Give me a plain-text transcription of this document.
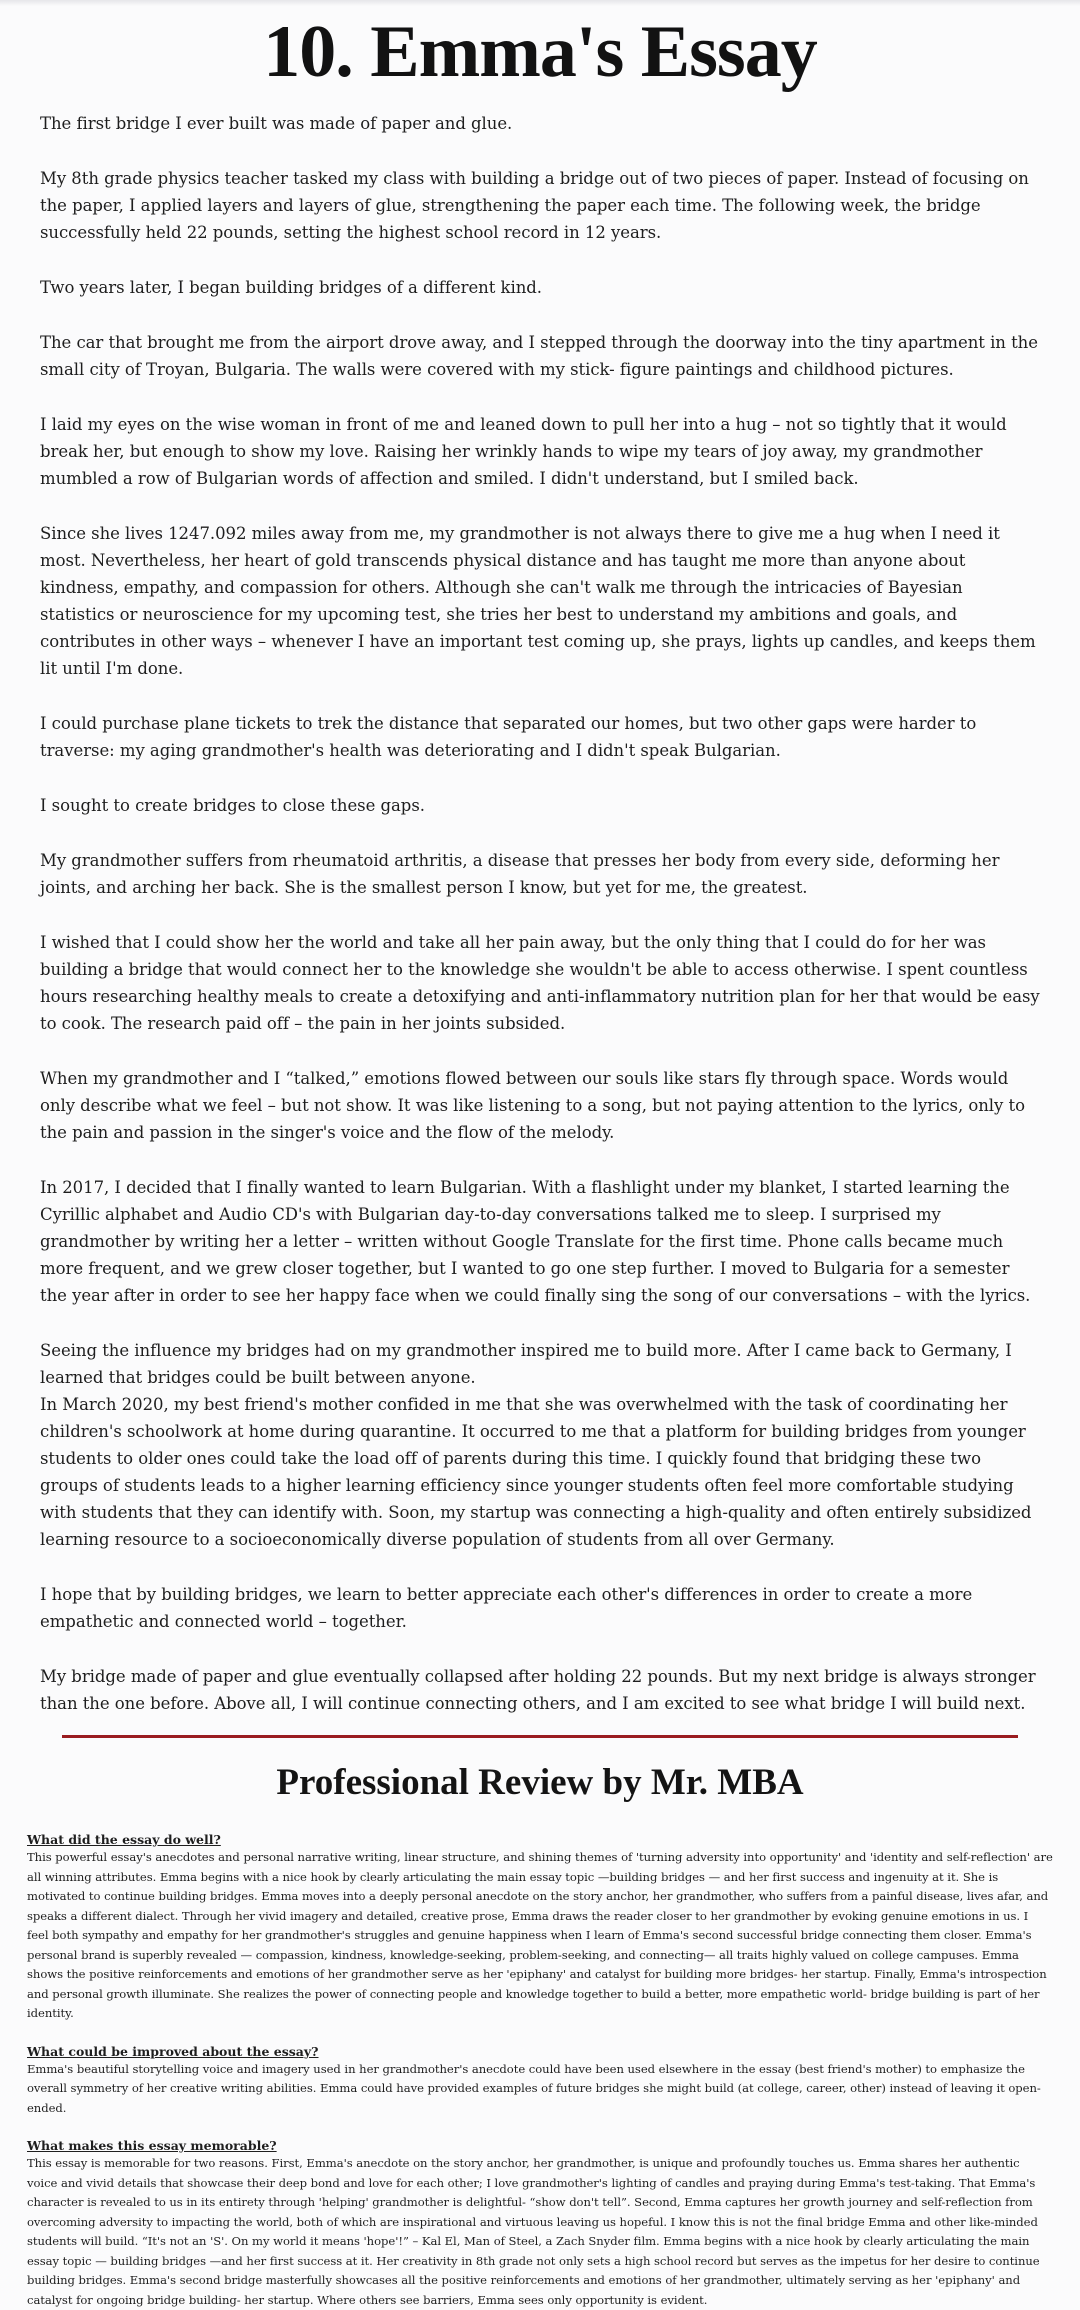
10. Emma's Essay

The first bridge I ever built was made of paper and glue.

My 8th grade physics teacher tasked my class with building a bridge out of two pieces of paper. Instead of focusing on the paper, I applied layers and layers of glue, strengthening the paper each time. The following week, the bridge successfully held 22 pounds, setting the highest school record in 12 years.

Two years later, I began building bridges of a different kind.

The car that brought me from the airport drove away, and I stepped through the doorway into the tiny apartment in the small city of Troyan, Bulgaria. The walls were covered with my stick- figure paintings and childhood pictures.

I laid my eyes on the wise woman in front of me and leaned down to pull her into a hug – not so tightly that it would break her, but enough to show my love. Raising her wrinkly hands to wipe my tears of joy away, my grandmother mumbled a row of Bulgarian words of affection and smiled. I didn't understand, but I smiled back.

Since she lives 1247.092 miles away from me, my grandmother is not always there to give me a hug when I need it most. Nevertheless, her heart of gold transcends physical distance and has taught me more than anyone about kindness, empathy, and compassion for others. Although she can't walk me through the intricacies of Bayesian statistics or neuroscience for my upcoming test, she tries her best to understand my ambitions and goals, and contributes in other ways – whenever I have an important test coming up, she prays, lights up candles, and keeps them lit until I'm done.

I could purchase plane tickets to trek the distance that separated our homes, but two other gaps were harder to traverse: my aging grandmother's health was deteriorating and I didn't speak Bulgarian.

I sought to create bridges to close these gaps.

My grandmother suffers from rheumatoid arthritis, a disease that presses her body from every side, deforming her joints, and arching her back. She is the smallest person I know, but yet for me, the greatest.

I wished that I could show her the world and take all her pain away, but the only thing that I could do for her was building a bridge that would connect her to the knowledge she wouldn't be able to access otherwise. I spent countless hours researching healthy meals to create a detoxifying and anti-inflammatory nutrition plan for her that would be easy to cook. The research paid off – the pain in her joints subsided.

When my grandmother and I “talked,” emotions flowed between our souls like stars fly through space. Words would only describe what we feel – but not show. It was like listening to a song, but not paying attention to the lyrics, only to the pain and passion in the singer's voice and the flow of the melody.

In 2017, I decided that I finally wanted to learn Bulgarian. With a flashlight under my blanket, I started learning the Cyrillic alphabet and Audio CD's with Bulgarian day-to-day conversations talked me to sleep. I surprised my grandmother by writing her a letter – written without Google Translate for the first time. Phone calls became much more frequent, and we grew closer together, but I wanted to go one step further. I moved to Bulgaria for a semester the year after in order to see her happy face when we could finally sing the song of our conversations – with the lyrics.

Seeing the influence my bridges had on my grandmother inspired me to build more. After I came back to Germany, I learned that bridges could be built between anyone.

In March 2020, my best friend's mother confided in me that she was overwhelmed with the task of coordinating her children's schoolwork at home during quarantine. It occurred to me that a platform for building bridges from younger students to older ones could take the load off of parents during this time. I quickly found that bridging these two groups of students leads to a higher learning efficiency since younger students often feel more comfortable studying with students that they can identify with. Soon, my startup was connecting a high-quality and often entirely subsidized learning resource to a socioeconomically diverse population of students from all over Germany.

I hope that by building bridges, we learn to better appreciate each other's differences in order to create a more empathetic and connected world – together.

My bridge made of paper and glue eventually collapsed after holding 22 pounds. But my next bridge is always stronger than the one before. Above all, I will continue connecting others, and I am excited to see what bridge I will build next.

Professional Review by Mr. MBA
What did the essay do well?

This powerful essay's anecdotes and personal narrative writing, linear structure, and shining themes of 'turning adversity into opportunity' and 'identity and self-reflection' are all winning attributes. Emma begins with a nice hook by clearly articulating the main essay topic —building bridges — and her first success and ingenuity at it. She is motivated to continue building bridges. Emma moves into a deeply personal anecdote on the story anchor, her grandmother, who suffers from a painful disease, lives afar, and speaks a different dialect. Through her vivid imagery and detailed, creative prose, Emma draws the reader closer to her grandmother by evoking genuine emotions in us. I feel both sympathy and empathy for her grandmother's struggles and genuine happiness when I learn of Emma's second successful bridge connecting them closer. Emma's personal brand is superbly revealed — compassion, kindness, knowledge-seeking, problem-seeking, and connecting— all traits highly valued on college campuses. Emma shows the positive reinforcements and emotions of her grandmother serve as her 'epiphany' and catalyst for building more bridges- her startup. Finally, Emma's introspection and personal growth illuminate. She realizes the power of connecting people and knowledge together to build a better, more empathetic world- bridge building is part of her identity.

What could be improved about the essay?

Emma's beautiful storytelling voice and imagery used in her grandmother's anecdote could have been used elsewhere in the essay (best friend's mother) to emphasize the overall symmetry of her creative writing abilities. Emma could have provided examples of future bridges she might build (at college, career, other) instead of leaving it open-ended.

What makes this essay memorable?

This essay is memorable for two reasons. First, Emma's anecdote on the story anchor, her grandmother, is unique and profoundly touches us. Emma shares her authentic voice and vivid details that showcase their deep bond and love for each other; I love grandmother's lighting of candles and praying during Emma's test-taking. That Emma's character is revealed to us in its entirety through 'helping' grandmother is delightful- “show don't tell”. Second, Emma captures her growth journey and self-reflection from overcoming adversity to impacting the world, both of which are inspirational and virtuous leaving us hopeful. I know this is not the final bridge Emma and other like-minded students will build. “It's not an 'S'. On my world it means 'hope'!” – Kal El, Man of Steel, a Zach Snyder film. Emma begins with a nice hook by clearly articulating the main essay topic — building bridges —and her first success at it. Her creativity in 8th grade not only sets a high school record but serves as the impetus for her desire to continue building bridges. Emma's second bridge masterfully showcases all the positive reinforcements and emotions of her grandmother, ultimately serving as her 'epiphany' and catalyst for ongoing bridge building- her startup. Where others see barriers, Emma sees only opportunity is evident.
